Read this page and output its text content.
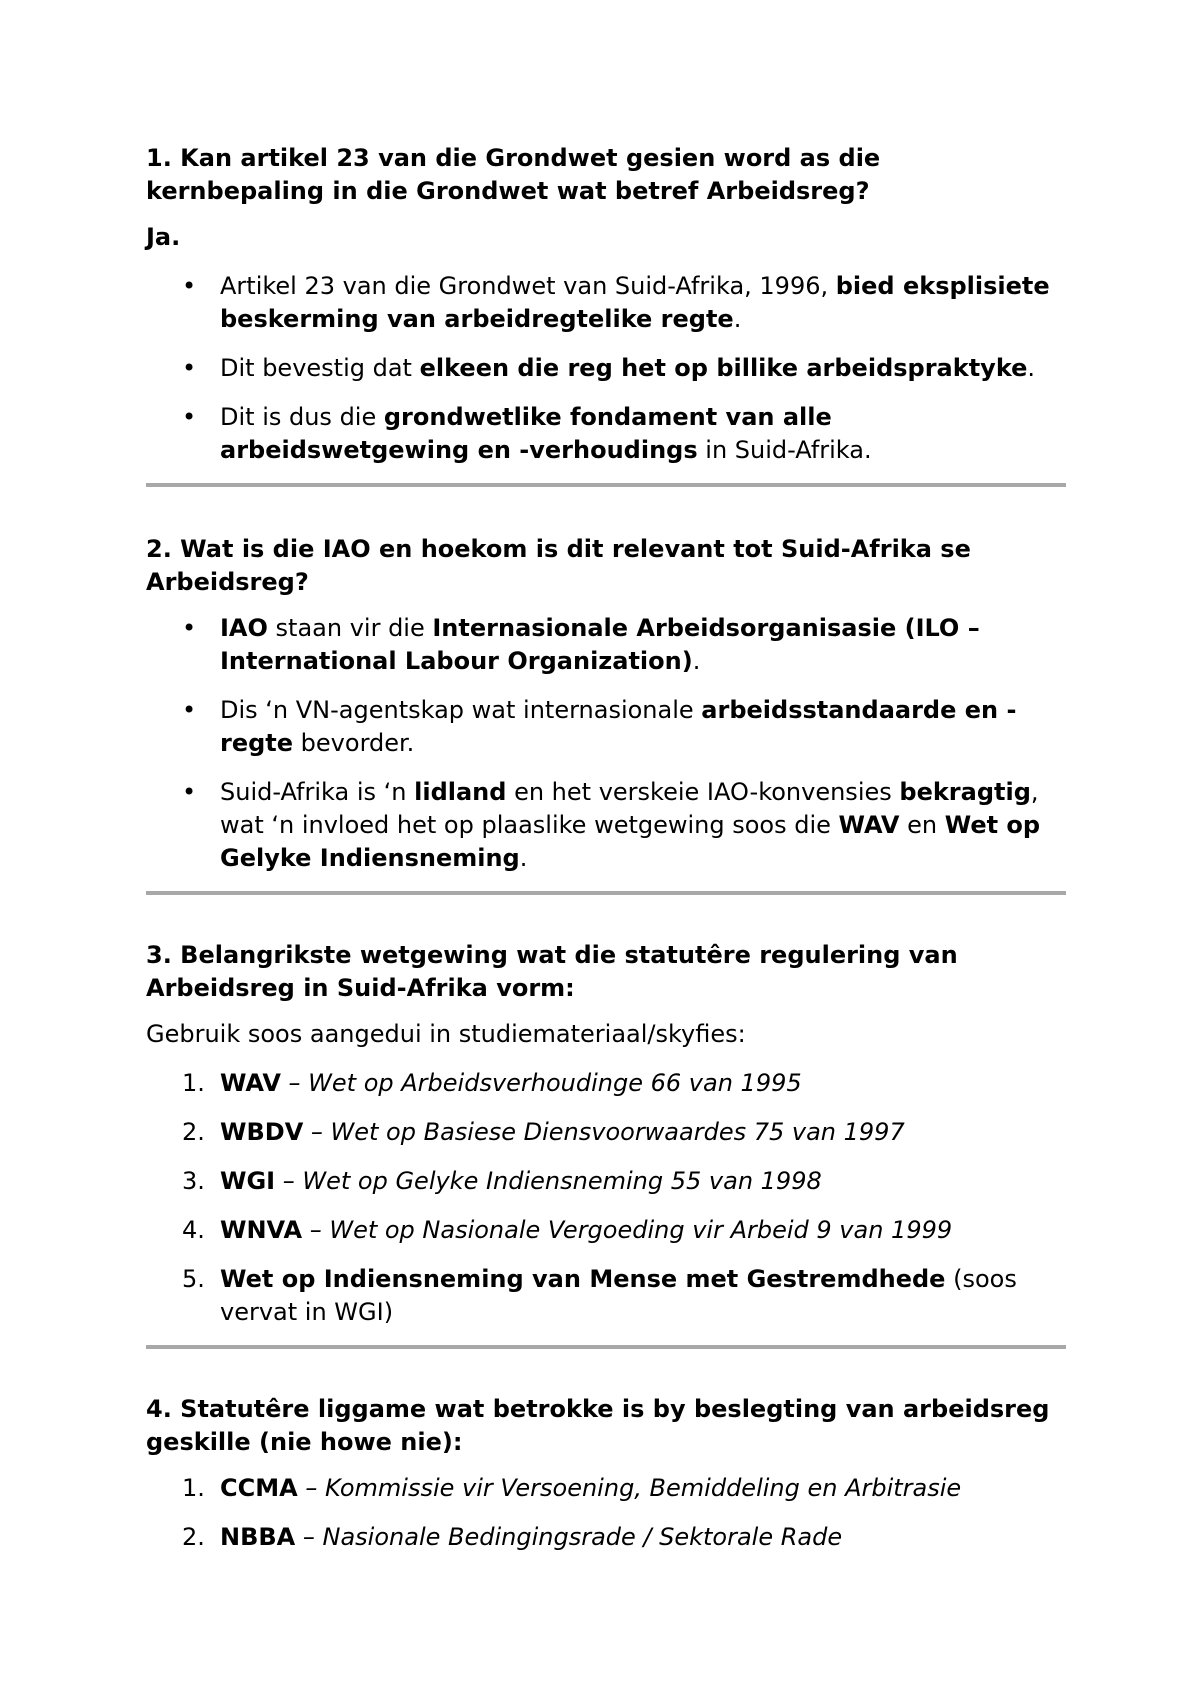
1. Kan artikel 23 van die Grondwet gesien word as die kernbepaling in die Grondwet wat betref Arbeidsreg?

Ja.

• Artikel 23 van die Grondwet van Suid-Afrika, 1996, bied eksplisiete beskerming van arbeidregtelike regte.
• Dit bevestig dat elkeen die reg het op billike arbeidspraktyke.
• Dit is dus die grondwetlike fondament van alle arbeidswetgewing en -verhoudings in Suid-Afrika.
2. Wat is die IAO en hoekom is dit relevant tot Suid-Afrika se Arbeidsreg?
• IAO staan vir die Internasionale Arbeidsorganisasie (ILO – International Labour Organization).
• Dis ‘n VN-agentskap wat internasionale arbeidsstandaarde en -regte bevorder.
• Suid-Afrika is ‘n lidland en het verskeie IAO-konvensies bekragtig, wat ‘n invloed het op plaaslike wetgewing soos die WAV en Wet op Gelyke Indiensneming.
3. Belangrikste wetgewing wat die statutêre regulering van Arbeidsreg in Suid-Afrika vorm:

Gebruik soos aangedui in studiemateriaal/skyfies:

1. WAV – Wet op Arbeidsverhoudinge 66 van 1995
2. WBDV – Wet op Basiese Diensvoorwaardes 75 van 1997
3. WGI – Wet op Gelyke Indiensneming 55 van 1998
4. WNVA – Wet op Nasionale Vergoeding vir Arbeid 9 van 1999
5. Wet op Indiensneming van Mense met Gestremdhede (soos vervat in WGI)
4. Statutêre liggame wat betrokke is by beslegting van arbeidsreg geskille (nie howe nie):
1. CCMA – Kommissie vir Versoening, Bemiddeling en Arbitrasie
2. NBBA – Nasionale Bedingingsrade / Sektorale Rade
